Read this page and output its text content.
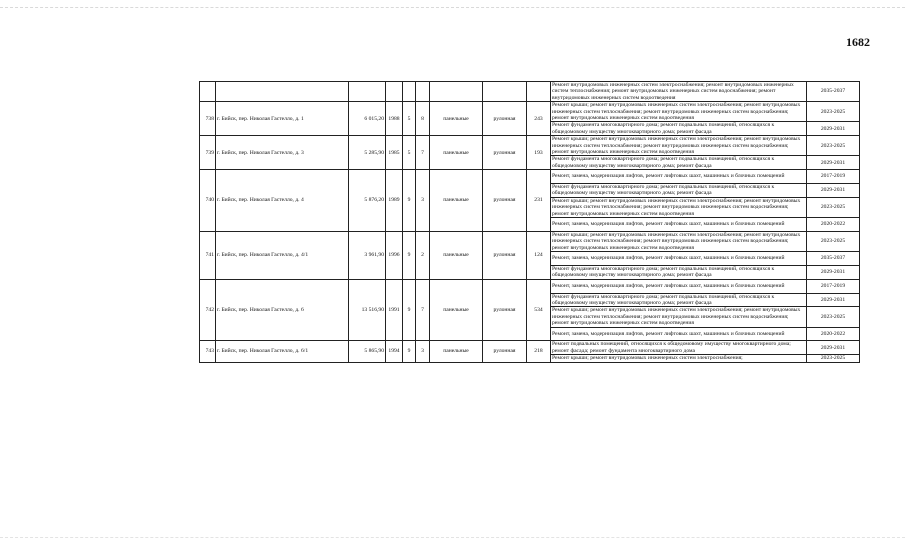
1682
									Ремонт внутридомовых инженерных систем электроснабжения; ремонт внутридомовых инженерных систем теплоснабжения; ремонт внутридомовых инженерных систем водоснабжения; ремонт внутридомовых инженерных систем водоотведения	2035-2037
738	г. Бийск, пер. Николая Гастелло, д. 1	6 015,20	1988	5	8	панельные	рулонная	243	Ремонт крыши; ремонт внутридомовых инженерных систем электроснабжения; ремонт внутридомовых инженерных систем теплоснабжения; ремонт внутридомовых инженерных систем водоснабжения; ремонт внутридомовых инженерных систем водоотведения	2023-2025
									Ремонт фундамента многоквартирного дома; ремонт подвальных помещений, относящихся к общедомовому имуществу многоквартирного дома; ремонт фасада	2029-2031
739	г. Бийск, пер. Николая Гастелло, д. 3	5 285,90	1985	5	7	панельные	рулонная	193	Ремонт крыши; ремонт внутридомовых инженерных систем электроснабжения; ремонт внутридомовых инженерных систем теплоснабжения; ремонт внутридомовых инженерных систем водоснабжения; ремонт внутридомовых инженерных систем водоотведения	2023-2025
									Ремонт фундамента многоквартирного дома; ремонт подвальных помещений, относящихся к общедомовому имуществу многоквартирного дома; ремонт фасада	2029-2031
740	г. Бийск, пер. Николая Гастелло, д. 4	5 876,20	1989	9	3	панельные	рулонная	231	Ремонт, замена, модернизация лифтов, ремонт лифтовых шахт, машинных и блочных помещений	2017-2019
									Ремонт фундамента многоквартирного дома; ремонт подвальных помещений, относящихся к общедомовому имуществу многоквартирного дома; ремонт фасада	2029-2031
									Ремонт крыши; ремонт внутридомовых инженерных систем электроснабжения; ремонт внутридомовых инженерных систем теплоснабжения; ремонт внутридомовых инженерных систем водоснабжения; ремонт внутридомовых инженерных систем водоотведения	2023-2025
									Ремонт, замена, модернизация лифтов, ремонт лифтовых шахт, машинных и блочных помещений	2020-2022
741	г. Бийск, пер. Николая Гастелло, д. 4/1	3 961,90	1996	9	2	панельные	рулонная	124	Ремонт крыши; ремонт внутридомовых инженерных систем электроснабжения; ремонт внутридомовых инженерных систем теплоснабжения; ремонт внутридомовых инженерных систем водоснабжения; ремонт внутридомовых инженерных систем водоотведения	2023-2025
									Ремонт, замена, модернизация лифтов, ремонт лифтовых шахт, машинных и блочных помещений	2035-2037
									Ремонт фундамента многоквартирного дома; ремонт подвальных помещений, относящихся к общедомовому имуществу многоквартирного дома; ремонт фасада	2029-2031
742	г. Бийск, пер. Николая Гастелло, д. 6	13 516,90	1991	9	7	панельные	рулонная	534	Ремонт, замена, модернизация лифтов, ремонт лифтовых шахт, машинных и блочных помещений	2017-2019
									Ремонт фундамента многоквартирного дома; ремонт подвальных помещений, относящихся к общедомовому имуществу многоквартирного дома; ремонт фасада	2029-2031
									Ремонт крыши; ремонт внутридомовых инженерных систем электроснабжения; ремонт внутридомовых инженерных систем теплоснабжения; ремонт внутридомовых инженерных систем водоснабжения; ремонт внутридомовых инженерных систем водоотведения	2023-2025
									Ремонт, замена, модернизация лифтов, ремонт лифтовых шахт, машинных и блочных помещений	2020-2022
743	г. Бийск, пер. Николая Гастелло, д. 6/1	5 865,90	1994	9	3	панельные	рулонная	218	Ремонт подвальных помещений, относящихся к общедомовому имуществу многоквартирного дома; ремонт фасада; ремонт фундамента многоквартирного дома	2029-2031
									Ремонт крыши; ремонт внутридомовых инженерных систем электроснабжения;	2023-2025
